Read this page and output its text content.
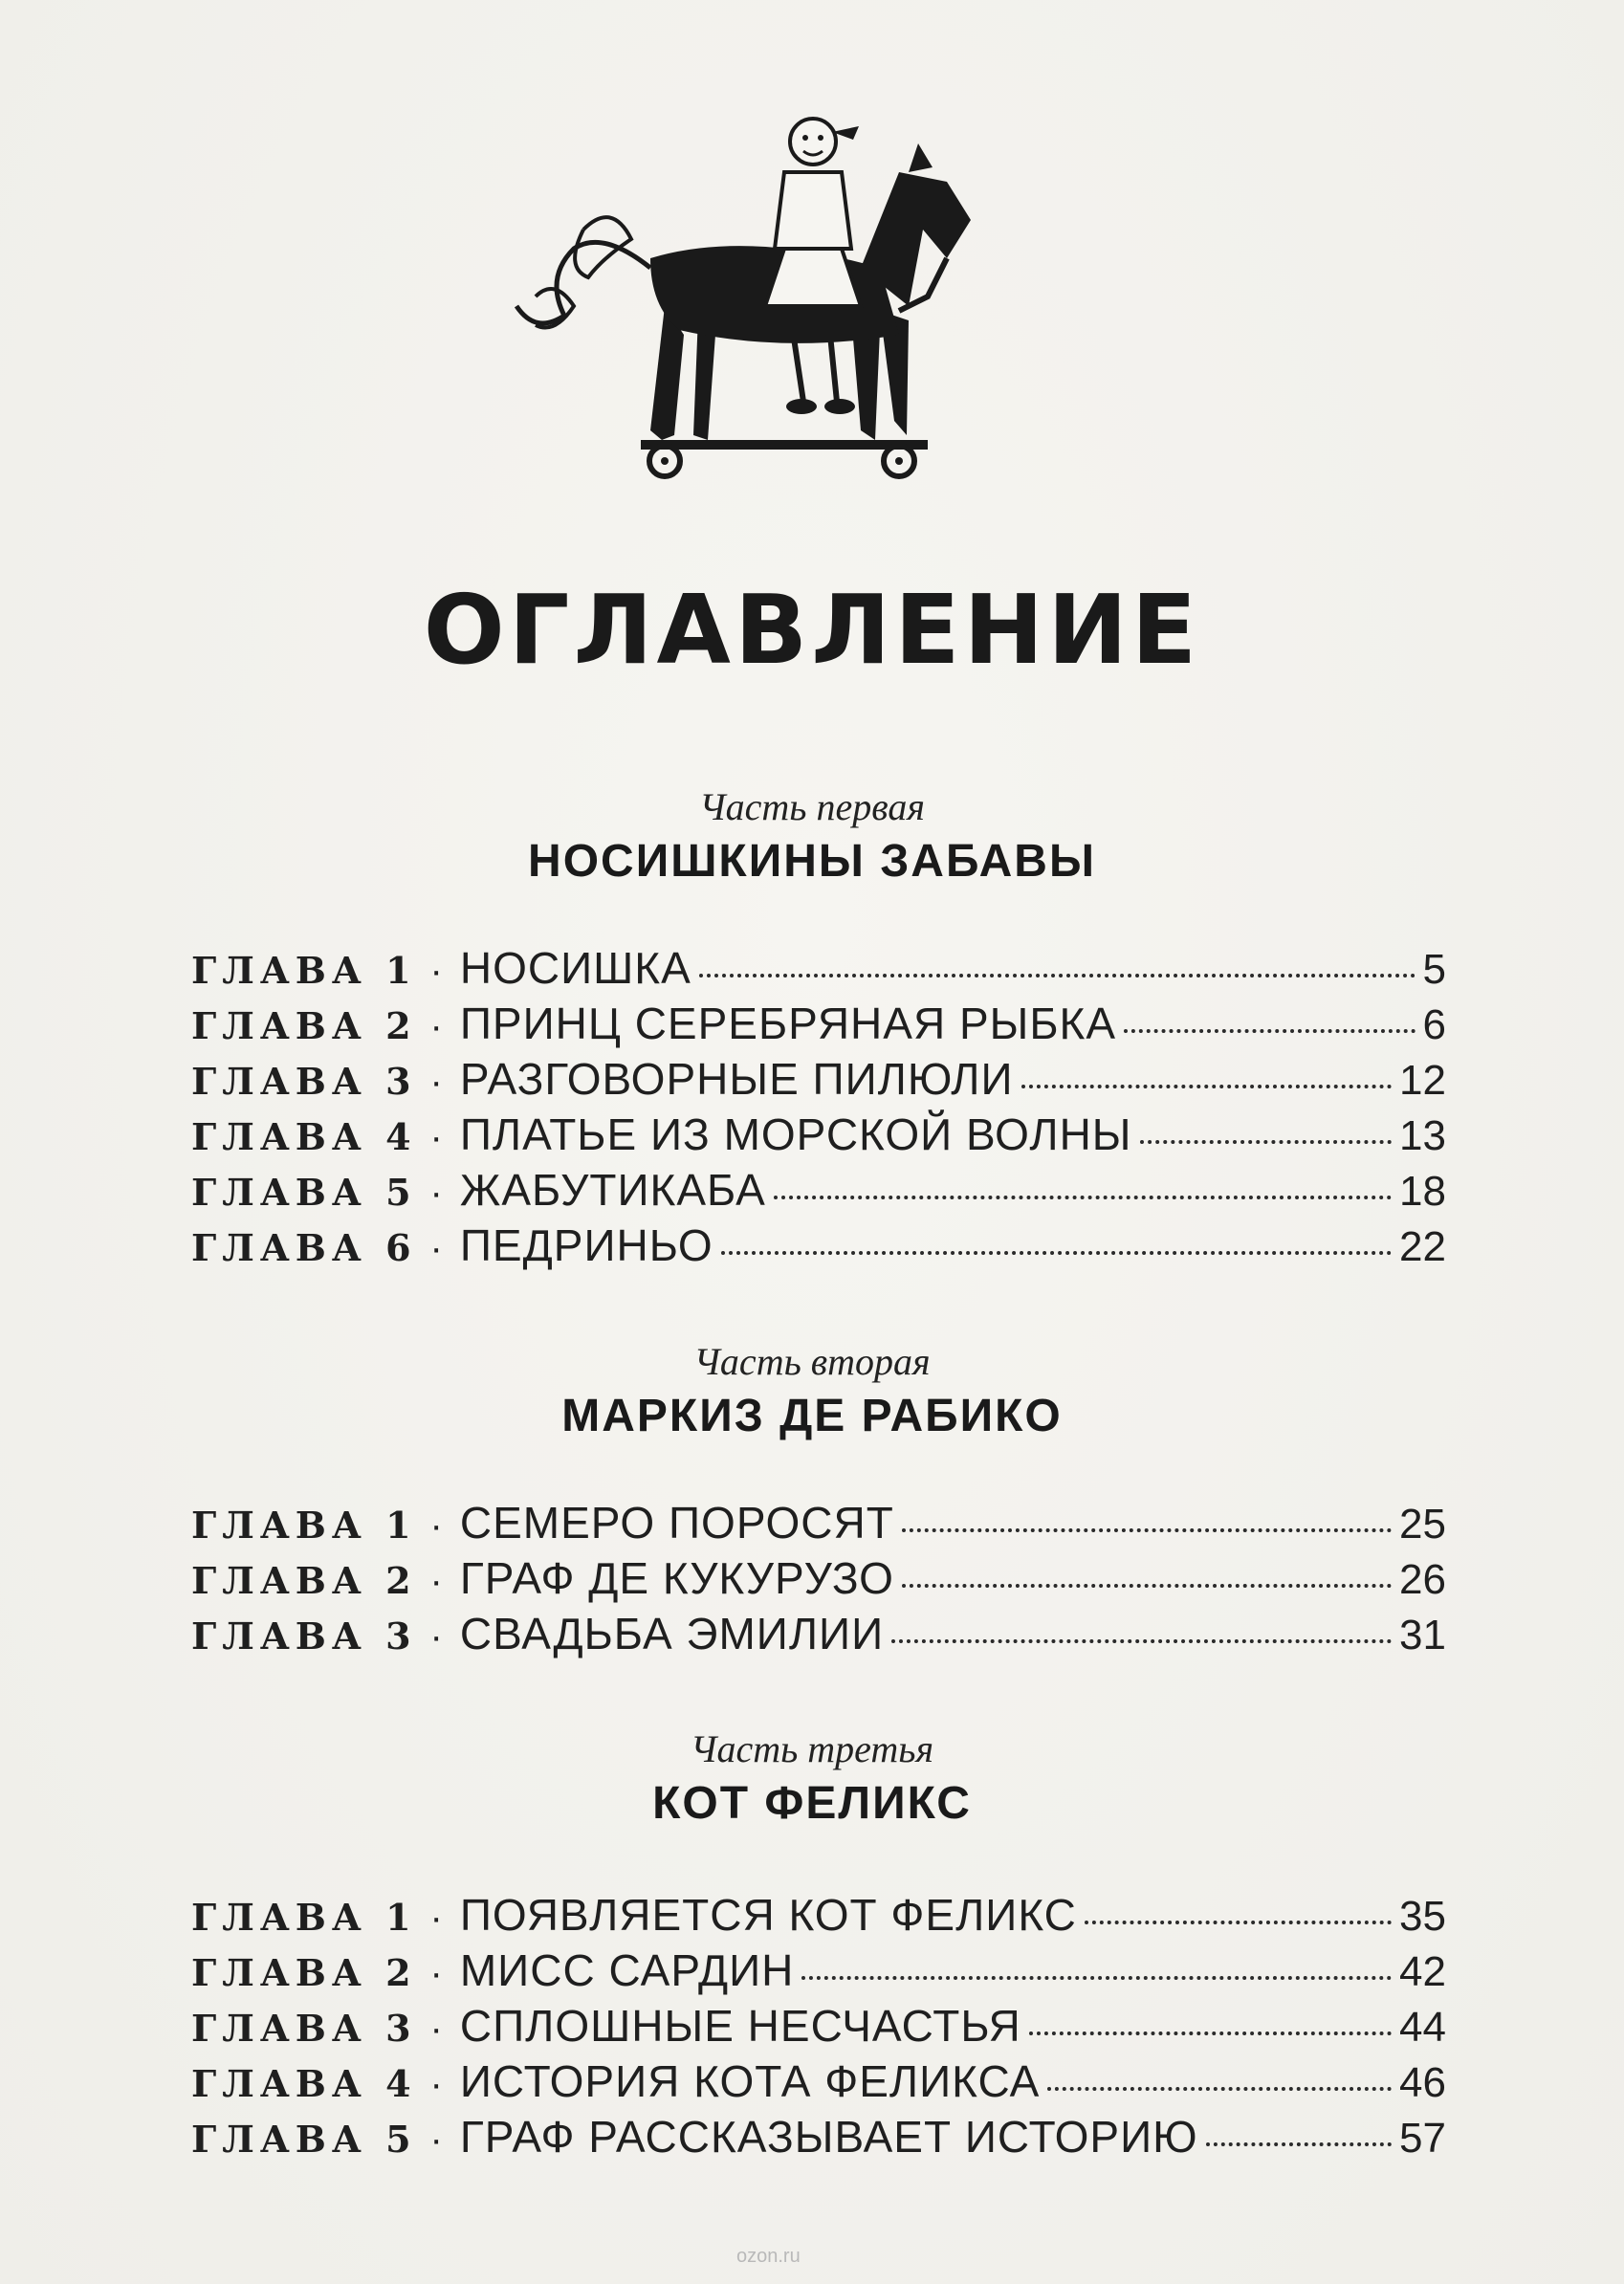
ОГЛАВЛЕНИЕ
Часть первая
НОСИШКИНЫ ЗАБАВЫ
ГЛАВА 1 · НОСИШКА	5
ГЛАВА 2 · ПРИНЦ СЕРЕБРЯНАЯ РЫБКА	6
ГЛАВА 3 · РАЗГОВОРНЫЕ ПИЛЮЛИ	12
ГЛАВА 4 · ПЛАТЬЕ ИЗ МОРСКОЙ ВОЛНЫ	13
ГЛАВА 5 · ЖАБУТИКАБА	18
ГЛАВА 6 · ПЕДРИНЬО	22
Часть вторая
МАРКИЗ ДЕ РАБИКО
ГЛАВА 1 · СЕМЕРО ПОРОСЯТ	25
ГЛАВА 2 · ГРАФ ДЕ КУКУРУЗО	26
ГЛАВА 3 · СВАДЬБА ЭМИЛИИ	31
Часть третья
КОТ ФЕЛИКС
ГЛАВА 1 · ПОЯВЛЯЕТСЯ КОТ ФЕЛИКС	35
ГЛАВА 2 · МИСС САРДИН	42
ГЛАВА 3 · СПЛОШНЫЕ НЕСЧАСТЬЯ	44
ГЛАВА 4 · ИСТОРИЯ КОТА ФЕЛИКСА	46
ГЛАВА 5 · ГРАФ РАССКАЗЫВАЕТ ИСТОРИЮ	57
ozon.ru
